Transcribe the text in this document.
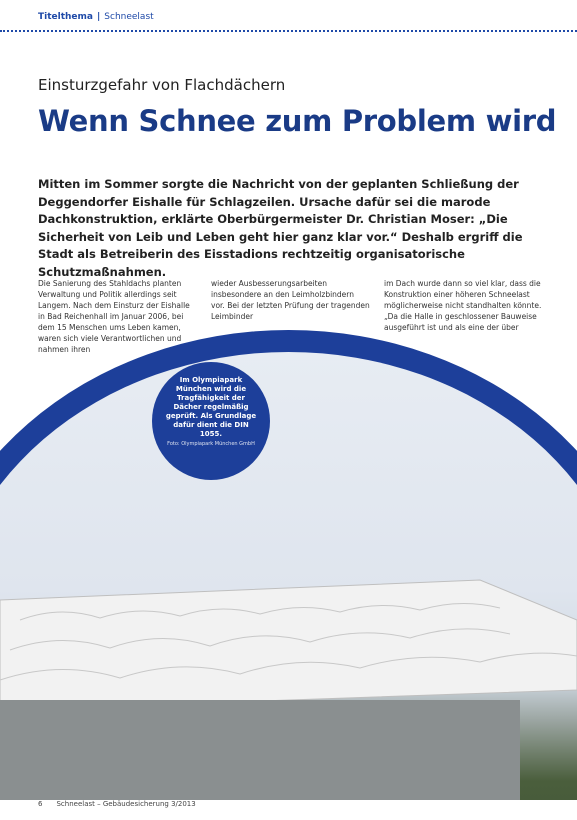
Titelthema | Schneelast
Einsturzgefahr von Flachdächern
Wenn Schnee zum Problem wird
Mitten im Sommer sorgte die Nachricht von der geplanten Schließung der Deggendorfer Eishalle für Schlagzeilen. Ursache dafür sei die marode Dachkonstruktion, erklärte Oberbürgermeister Dr. Christian Moser: „Die Sicherheit von Leib und Leben geht hier ganz klar vor.“ Deshalb ergriff die Stadt als Betreiberin des Eisstadions rechtzeitig organisatorische Schutzmaßnahmen.
Die Sanierung des Stahldachs planten Verwaltung und Politik allerdings seit Langem. Nach dem Einsturz der Eishalle in Bad Reichenhall im Januar 2006, bei dem 15 Menschen ums Leben kamen, waren sich viele Verantwortlichen und nahmen ihren
wieder Ausbesserungsarbeiten insbesondere an den Leimholzbindern vor. Bei der letzten Prüfung der tragenden Leimbinder
im Dach wurde dann so viel klar, dass die Konstruktion einer höheren Schneelast möglicherweise nicht standhalten könnte. „Da die Halle in geschlossener Bauweise ausgeführt ist und als eine der über
Im Olympiapark München wird die Tragfähigkeit der Dächer regelmäßig geprüft. Als Grundlage dafür dient die DIN 1055.
Foto: Olympiapark München GmbH
6 Schneelast – Gebäudesicherung 3/2013
